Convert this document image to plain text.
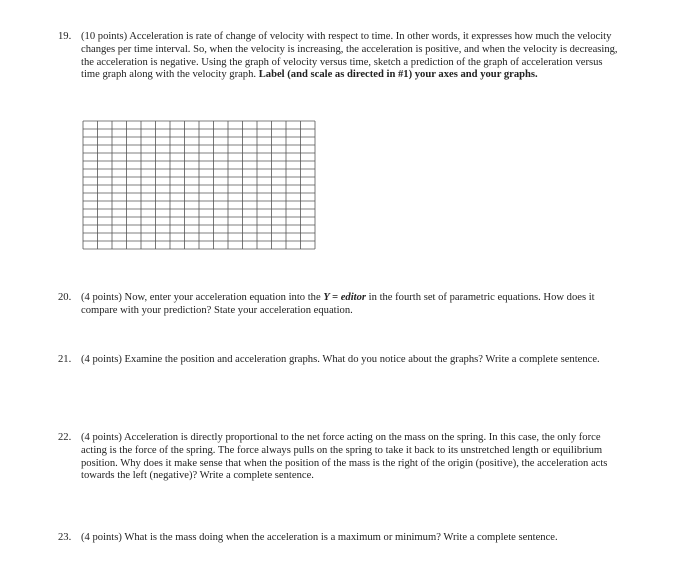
19. (10 points) Acceleration is rate of change of velocity with respect to time. In other words, it expresses how much the velocity changes per time interval. So, when the velocity is increasing, the acceleration is positive, and when the velocity is decreasing, the acceleration is negative. Using the graph of velocity versus time, sketch a prediction of the graph of acceleration versus time graph along with the velocity graph. Label (and scale as directed in #1) your axes and your graphs.
20. (4 points) Now, enter your acceleration equation into the Y = editor in the fourth set of parametric equations. How does it compare with your prediction? State your acceleration equation.
21. (4 points) Examine the position and acceleration graphs. What do you notice about the graphs? Write a complete sentence.
22. (4 points) Acceleration is directly proportional to the net force acting on the mass on the spring. In this case, the only force acting is the force of the spring. The force always pulls on the spring to take it back to its unstretched length or equilibrium position. Why does it make sense that when the position of the mass is the right of the origin (positive), the acceleration acts towards the left (negative)? Write a complete sentence.
23. (4 points) What is the mass doing when the acceleration is a maximum or minimum? Write a complete sentence.
